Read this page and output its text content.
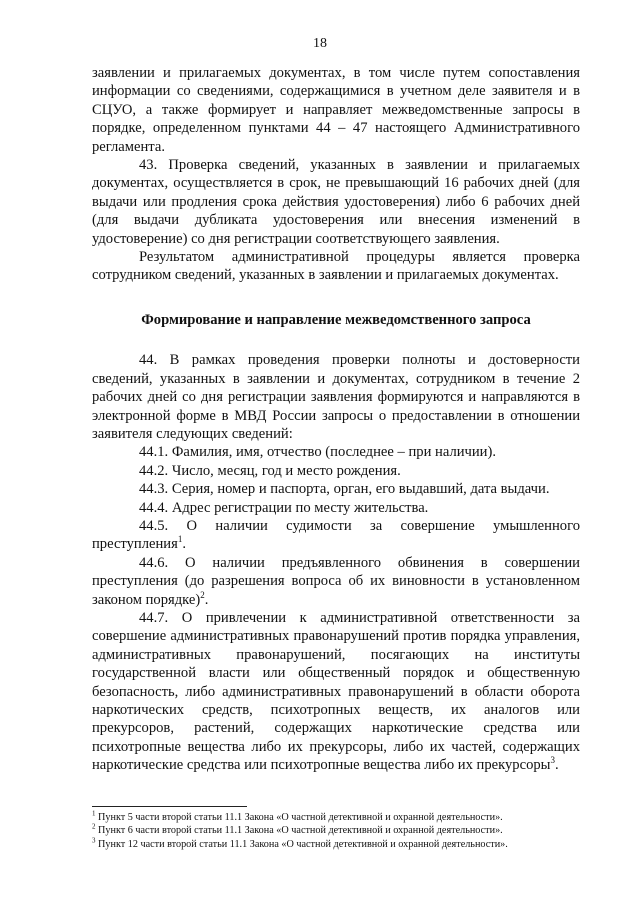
18

заявлении и прилагаемых документах, в том числе путем сопоставления информации со сведениями, содержащимися в учетном деле заявителя и в СЦУО, а также формирует и направляет межведомственные запросы в порядке, определенном пунктами 44 – 47 настоящего Административного регламента.

43. Проверка сведений, указанных в заявлении и прилагаемых документах, осуществляется в срок, не превышающий 16 рабочих дней (для выдачи или продления срока действия удостоверения) либо 6 рабочих дней (для выдачи дубликата удостоверения или внесения изменений в удостоверение) со дня регистрации соответствующего заявления.

Результатом административной процедуры является проверка сотрудником сведений, указанных в заявлении и прилагаемых документах.

Формирование и направление межведомственного запроса

44. В рамках проведения проверки полноты и достоверности сведений, указанных в заявлении и документах, сотрудником в течение 2 рабочих дней со дня регистрации заявления формируются и направляются в электронной форме в МВД России запросы о предоставлении в отношении заявителя следующих сведений:

44.1. Фамилия, имя, отчество (последнее – при наличии).

44.2. Число, месяц, год и место рождения.

44.3. Серия, номер и паспорта, орган, его выдавший, дата выдачи.

44.4. Адрес регистрации по месту жительства.

44.5. О наличии судимости за совершение умышленного преступления$^1$.

44.6. О наличии предъявленного обвинения в совершении преступления (до разрешения вопроса об их виновности в установленном законом порядке)$^2$.

44.7. О привлечении к административной ответственности за совершение административных правонарушений против порядка управления, административных правонарушений, посягающих на институты государственной власти или общественный порядок и общественную безопасность, либо административных правонарушений в области оборота наркотических средств, психотропных веществ, их аналогов или прекурсоров, растений, содержащих наркотические средства или психотропные вещества либо их прекурсоры, либо их частей, содержащих наркотические средства или психотропные вещества либо их прекурсоры$^3$.

$^1$ Пункт 5 части второй статьи 11.1 Закона «О частной детективной и охранной деятельности».
$^2$ Пункт 6 части второй статьи 11.1 Закона «О частной детективной и охранной деятельности».
$^3$ Пункт 12 части второй статьи 11.1 Закона «О частной детективной и охранной деятельности».
